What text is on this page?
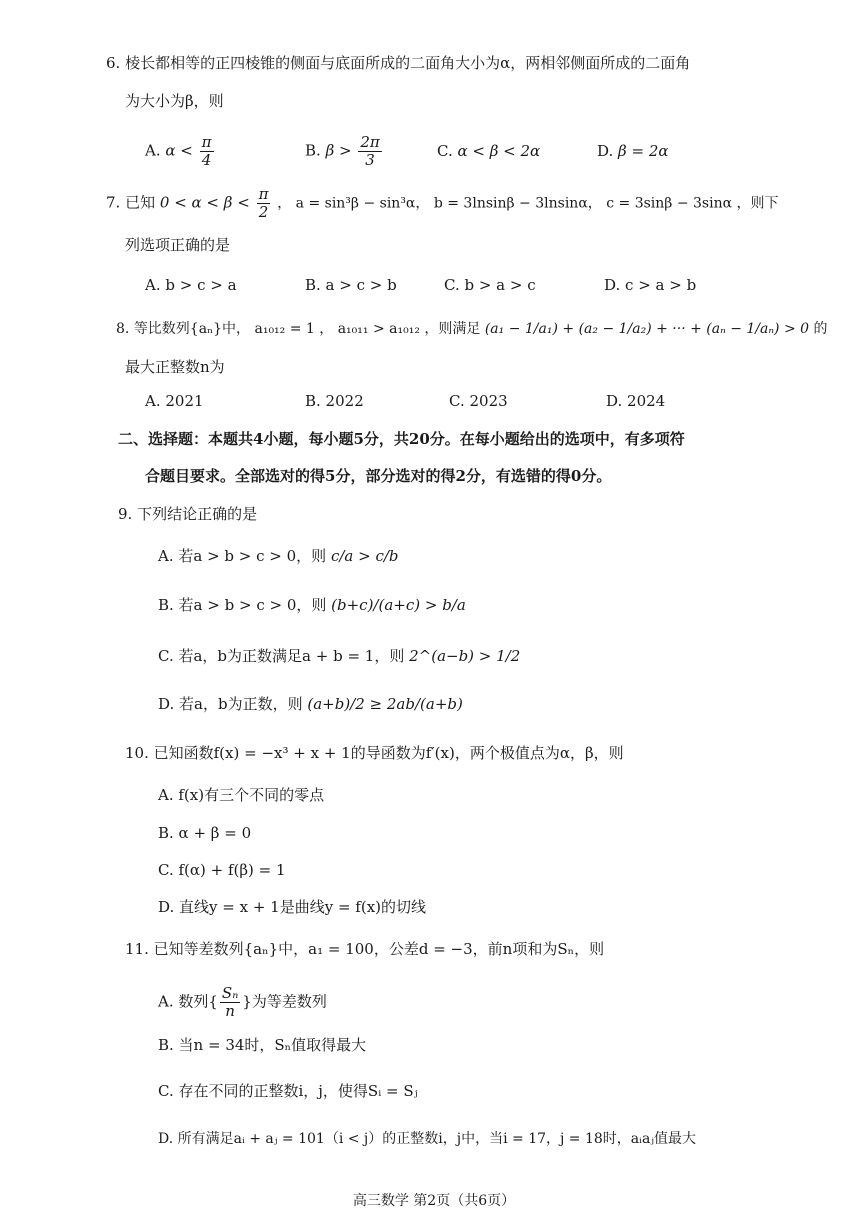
6. 棱长都相等的正四棱锥的侧面与底面所成的二面角大小为α，两相邻侧面所成的二面角
为大小为β，则
A. $\alpha < \frac{\pi}{4}$	B. $\beta > \frac{2\pi}{3}$	C. α < β < 2α	D. β = 2α
7. 已知 $0 < \alpha < \beta < \frac{\pi}{2}$ ， a = sin³β − sin³α， b = 3lnsinβ − 3lnsinα， c = 3sinβ − 3sinα ，则下
列选项正确的是
A. b > c > a	B. a > c > b	C. b > a > c	D. c > a > b
8. 等比数列{aₙ}中， a₁₀₁₂ = 1 ， a₁₀₁₁ > a₁₀₁₂ ，则满足 (a₁ − 1/a₁) + (a₂ − 1/a₂) + ··· + (aₙ − 1/aₙ) > 0 的
最大正整数n为
A. 2021	B. 2022	C. 2023	D. 2024
二、选择题：本题共4小题，每小题5分，共20分。在每小题给出的选项中，有多项符
合题目要求。全部选对的得5分，部分选对的得2分，有选错的得0分。
9. 下列结论正确的是
A. 若a > b > c > 0，则 c/a > c/b
B. 若a > b > c > 0，则 (b+c)/(a+c) > b/a
C. 若a，b为正数满足a + b = 1，则 2^(a−b) > 1/2
D. 若a，b为正数，则 (a+b)/2 ≥ 2ab/(a+b)
10. 已知函数f(x) = −x³ + x + 1的导函数为f′(x)，两个极值点为α，β，则
A. f(x)有三个不同的零点
B. α + β = 0
C. f(α) + f(β) = 1
D. 直线y = x + 1是曲线y = f(x)的切线
11. 已知等差数列{aₙ}中，a₁ = 100，公差d = −3，前n项和为Sₙ，则
A. 数列{ $\frac{\text{Sₙ}}{n}$ }为等差数列
B. 当n = 34时，Sₙ值取得最大
C. 存在不同的正整数i，j，使得Sᵢ = Sⱼ
D. 所有满足aᵢ + aⱼ = 101（i < j）的正整数i，j中，当i = 17，j = 18时，aᵢaⱼ值最大
高三数学 第2页（共6页）
